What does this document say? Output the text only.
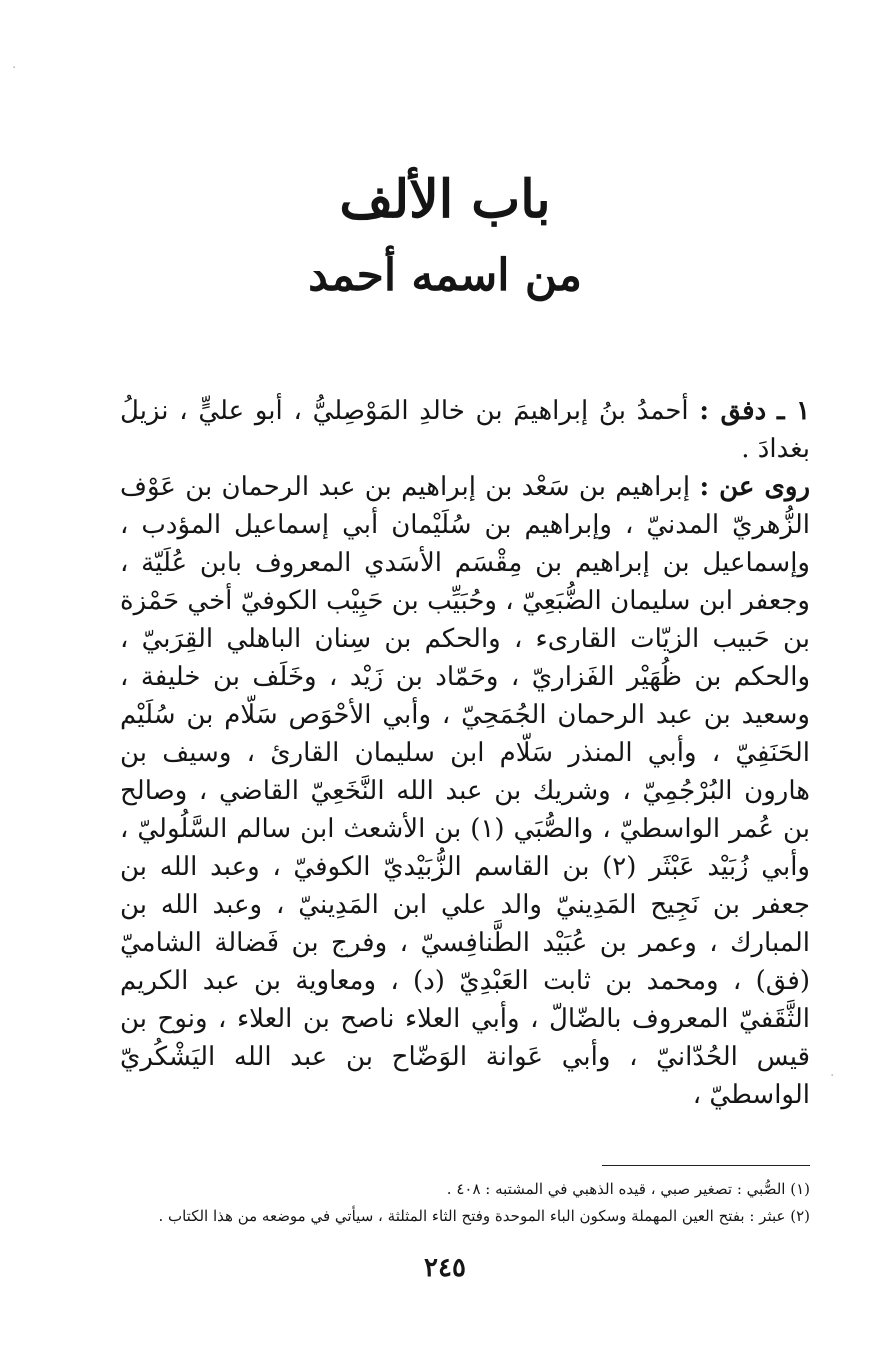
باب الألف
من اسمه أحمد

١ ـ دفق : أحمدُ بنُ إبراهيمَ بن خالدِ المَوْصِليُّ ، أبو عليٍّ ، نزيلُ بغدادَ .

روى عن : إبراهيم بن سَعْد بن إبراهيم بن عبد الرحمان بن عَوْف الزُّهريّ المدنيّ ، وإبراهيم بن سُلَيْمان أبي إسماعيل المؤدب ، وإسماعيل بن إبراهيم بن مِقْسَم الأسَدي المعروف بابن عُلَيّة ، وجعفر ابن سليمان الضُّبَعِيّ ، وحُبَيِّب بن حَبِيْب الكوفيّ أخي حَمْزة بن حَبيب الزيّات القارىء ، والحكم بن سِنان الباهلي القِرَبيّ ، والحكم بن ظُهَيْر الفَزاريّ ، وحَمّاد بن زَيْد ، وخَلَف بن خليفة ، وسعيد بن عبد الرحمان الجُمَحِيّ ، وأبي الأحْوَص سَلّام بن سُلَيْم الحَنَفِيّ ، وأبي المنذر سَلّام ابن سليمان القارئ ، وسيف بن هارون البُرْجُمِيّ ، وشريك بن عبد الله النَّخَعِيّ القاضي ، وصالح بن عُمر الواسطيّ ، والصُّبَي (١) بن الأشعث ابن سالم السَّلُوليّ ، وأبي زُبَيْد عَبْثَر (٢) بن القاسم الزُّبَيْديّ الكوفيّ ، وعبد الله بن جعفر بن نَجِيح المَدِينيّ والد علي ابن المَدِينيّ ، وعبد الله بن المبارك ، وعمر بن عُبَيْد الطَّنافِسيّ ، وفرج بن فَضالة الشاميّ (فق) ، ومحمد بن ثابت العَبْدِيّ (د) ، ومعاوية بن عبد الكريم الثَّقَفيّ المعروف بالضّالّ ، وأبي العلاء ناصح بن العلاء ، ونوح بن قيس الحُدّانيّ ، وأبي عَوانة الوَضّاح بن عبد الله اليَشْكُريّ الواسطيّ ،

(١) الصُّبي : تصغير صبي ، قيده الذهبي في المشتبه : ٤٠٨ .
(٢) عبثر : بفتح العين المهملة وسكون الباء الموحدة وفتح الثاء المثلثة ، سيأتي في موضعه من هذا الكتاب .
٢٤٥
·
·
